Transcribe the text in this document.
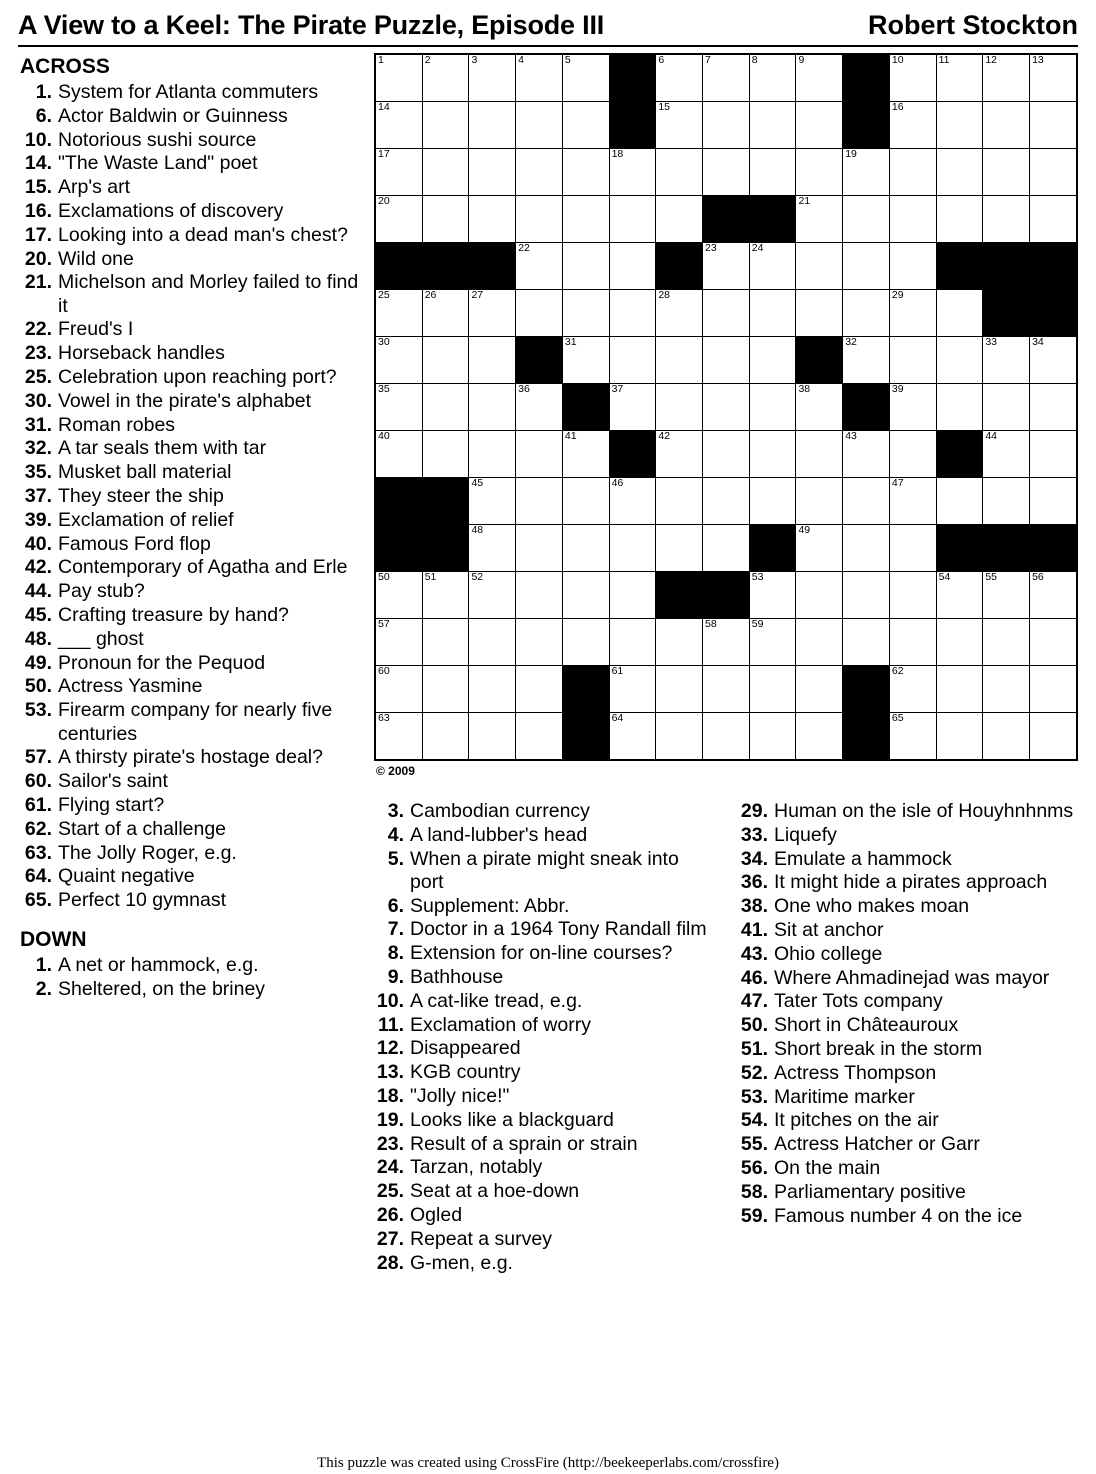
A View to a Keel: The Pirate Puzzle, Episode III	Robert Stockton
ACROSS
1. System for Atlanta commuters
6. Actor Baldwin or Guinness
10. Notorious sushi source
14. "The Waste Land" poet
15. Arp's art
16. Exclamations of discovery
17. Looking into a dead man's chest?
20. Wild one
21. Michelson and Morley failed to find it
22. Freud's I
23. Horseback handles
25. Celebration upon reaching port?
30. Vowel in the pirate's alphabet
31. Roman robes
32. A tar seals them with tar
35. Musket ball material
37. They steer the ship
39. Exclamation of relief
40. Famous Ford flop
42. Contemporary of Agatha and Erle
44. Pay stub?
45. Crafting treasure by hand?
48. ___ ghost
49. Pronoun for the Pequod
50. Actress Yasmine
53. Firearm company for nearly five centuries
57. A thirsty pirate's hostage deal?
60. Sailor's saint
61. Flying start?
62. Start of a challenge
63. The Jolly Roger, e.g.
64. Quaint negative
65. Perfect 10 gymnast
DOWN
1. A net or hammock, e.g.
2. Sheltered, on the briney
1	2	3	4	5		6	7	8	9		10	11	12	13

14						15					16			

17					18					19				

20									21					

			22				23	24						

25	26	27				28					29			

30				31						32			33	34

35			36		37				38		39			

40				41		42				43			44	

		45			46						47			

		48							49					

50	51	52						53				54	55	56

57							58	59						

60					61						62			

63					64						65			

© 2009
3. Cambodian currency
4. A land-lubber's head
5. When a pirate might sneak into port
6. Supplement: Abbr.
7. Doctor in a 1964 Tony Randall film
8. Extension for on-line courses?
9. Bathhouse
10. A cat-like tread, e.g.
11. Exclamation of worry
12. Disappeared
13. KGB country
18. "Jolly nice!"
19. Looks like a blackguard
23. Result of a sprain or strain
24. Tarzan, notably
25. Seat at a hoe-down
26. Ogled
27. Repeat a survey
28. G-men, e.g.
29. Human on the isle of Houyhnhnms
33. Liquefy
34. Emulate a hammock
36. It might hide a pirates approach
38. One who makes moan
41. Sit at anchor
43. Ohio college
46. Where Ahmadinejad was mayor
47. Tater Tots company
50. Short in Châteauroux
51. Short break in the storm
52. Actress Thompson
53. Maritime marker
54. It pitches on the air
55. Actress Hatcher or Garr
56. On the main
58. Parliamentary positive
59. Famous number 4 on the ice
This puzzle was created using CrossFire (http://beekeeperlabs.com/crossfire)
